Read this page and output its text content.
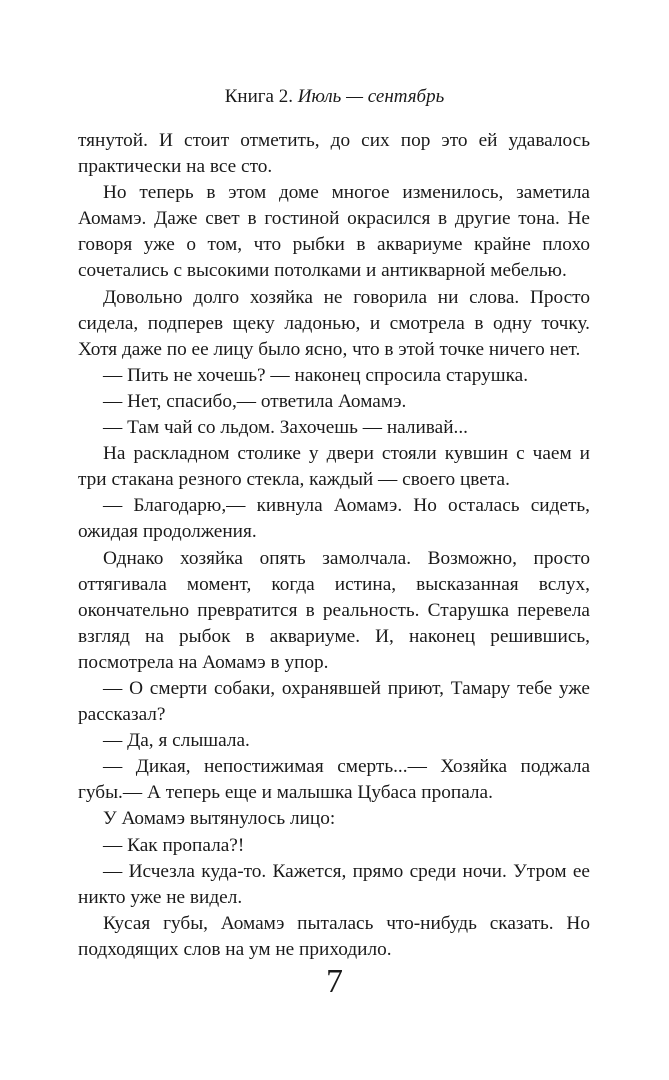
Книга 2. Июль — сентябрь

тянутой. И стоит отметить, до сих пор это ей удавалось практически на все сто.

Но теперь в этом доме многое изменилось, заметила Аомамэ. Даже свет в гостиной окрасился в другие тона. Не говоря уже о том, что рыбки в аквариуме крайне плохо сочетались с высокими потолками и антикварной мебелью.

Довольно долго хозяйка не говорила ни слова. Просто сидела, подперев щеку ладонью, и смотрела в одну точку. Хотя даже по ее лицу было ясно, что в этой точке ничего нет.

— Пить не хочешь? — наконец спросила старушка.

— Нет, спасибо,— ответила Аомамэ.

— Там чай со льдом. Захочешь — наливай...

На раскладном столике у двери стояли кувшин с чаем и три стакана резного стекла, каждый — своего цвета.

— Благодарю,— кивнула Аомамэ. Но осталась сидеть, ожидая продолжения.

Однако хозяйка опять замолчала. Возможно, просто оттягивала момент, когда истина, высказанная вслух, окончательно превратится в реальность. Старушка перевела взгляд на рыбок в аквариуме. И, наконец решившись, посмотрела на Аомамэ в упор.

— О смерти собаки, охранявшей приют, Тамару тебе уже рассказал?

— Да, я слышала.

— Дикая, непостижимая смерть...— Хозяйка поджала губы.— А теперь еще и малышка Цубаса пропала.

У Аомамэ вытянулось лицо:

— Как пропала?!

— Исчезла куда-то. Кажется, прямо среди ночи. Утром ее никто уже не видел.

Кусая губы, Аомамэ пыталась что-нибудь сказать. Но подходящих слов на ум не приходило.

7
